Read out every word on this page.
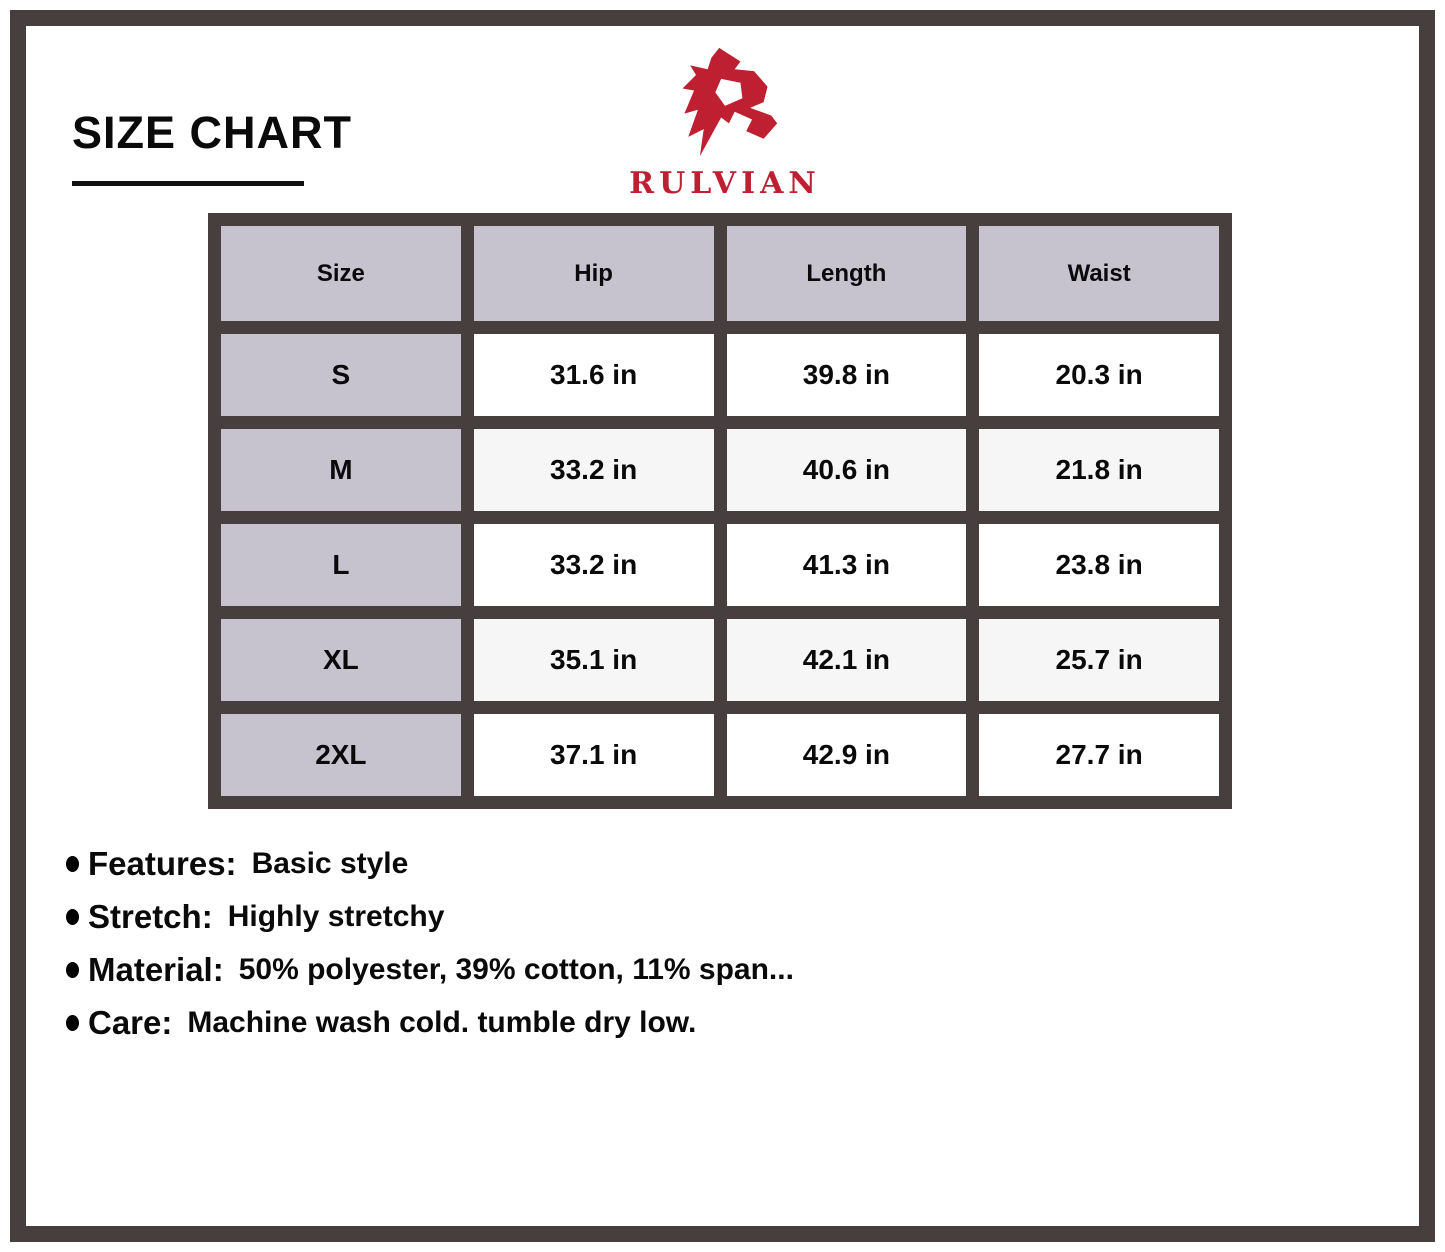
SIZE CHART
RULVIAN
Size	Hip	Length	Waist
S	31.6 in	39.8 in	20.3 in
M	33.2 in	40.6 in	21.8 in
L	33.2 in	41.3 in	23.8 in
XL	35.1 in	42.1 in	25.7 in
2XL	37.1 in	42.9 in	27.7 in
Features: Basic style
Stretch: Highly stretchy
Material: 50% polyester, 39% cotton, 11% span...
Care: Machine wash cold. tumble dry low.
